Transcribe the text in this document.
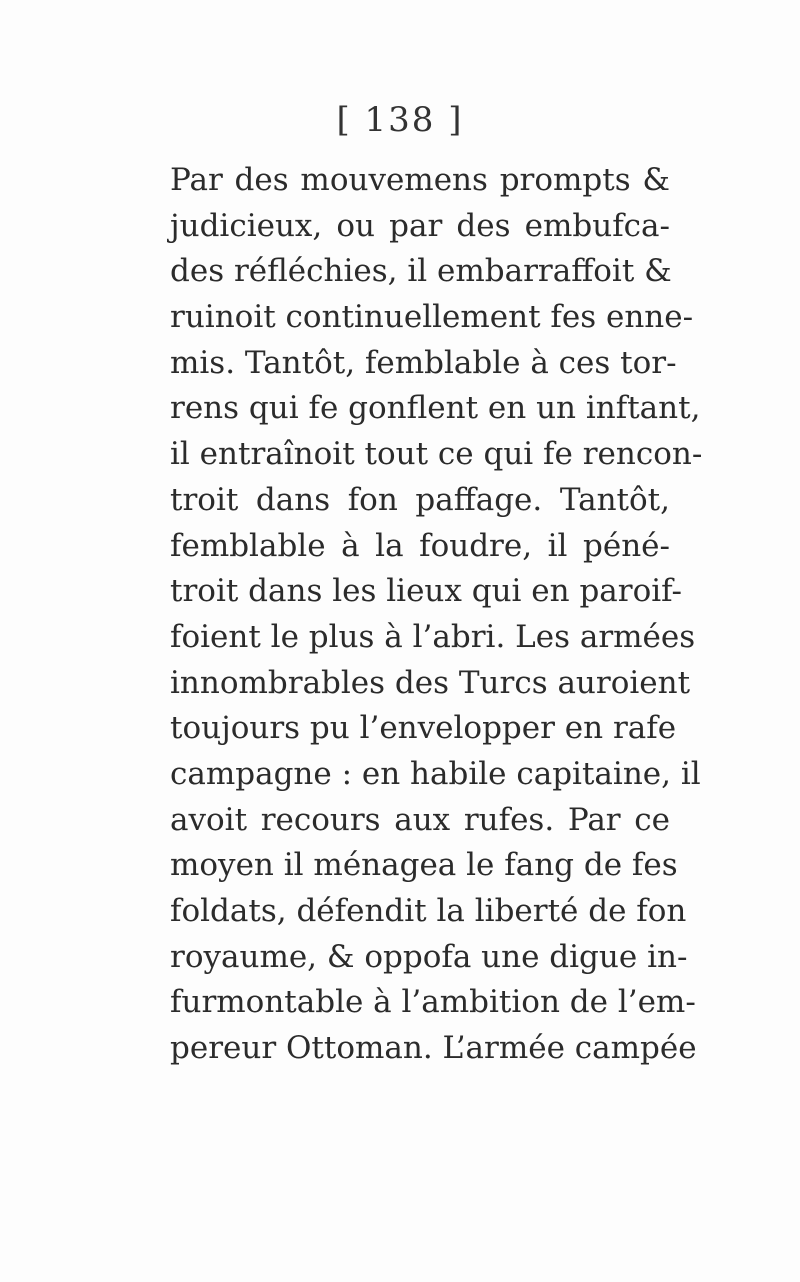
[ 138 ]
Par des mouvemens prompts &
judicieux, ou par des embufca-
des réfléchies, il embarraffoit &
ruinoit continuellement fes enne-
mis. Tantôt, femblable à ces tor-
rens qui fe gonflent en un inftant,
il entraînoit tout ce qui fe rencon-
troit dans fon paffage. Tantôt,
femblable à la foudre, il péné-
troit dans les lieux qui en paroif-
foient le plus à l’abri. Les armées
innombrables des Turcs auroient
toujours pu l’envelopper en rafe
campagne : en habile capitaine, il
avoit recours aux rufes. Par ce
moyen il ménagea le fang de fes
foldats, défendit la liberté de fon
royaume, & oppofa une digue in-
furmontable à l’ambition de l’em-
pereur Ottoman. L’armée campée
